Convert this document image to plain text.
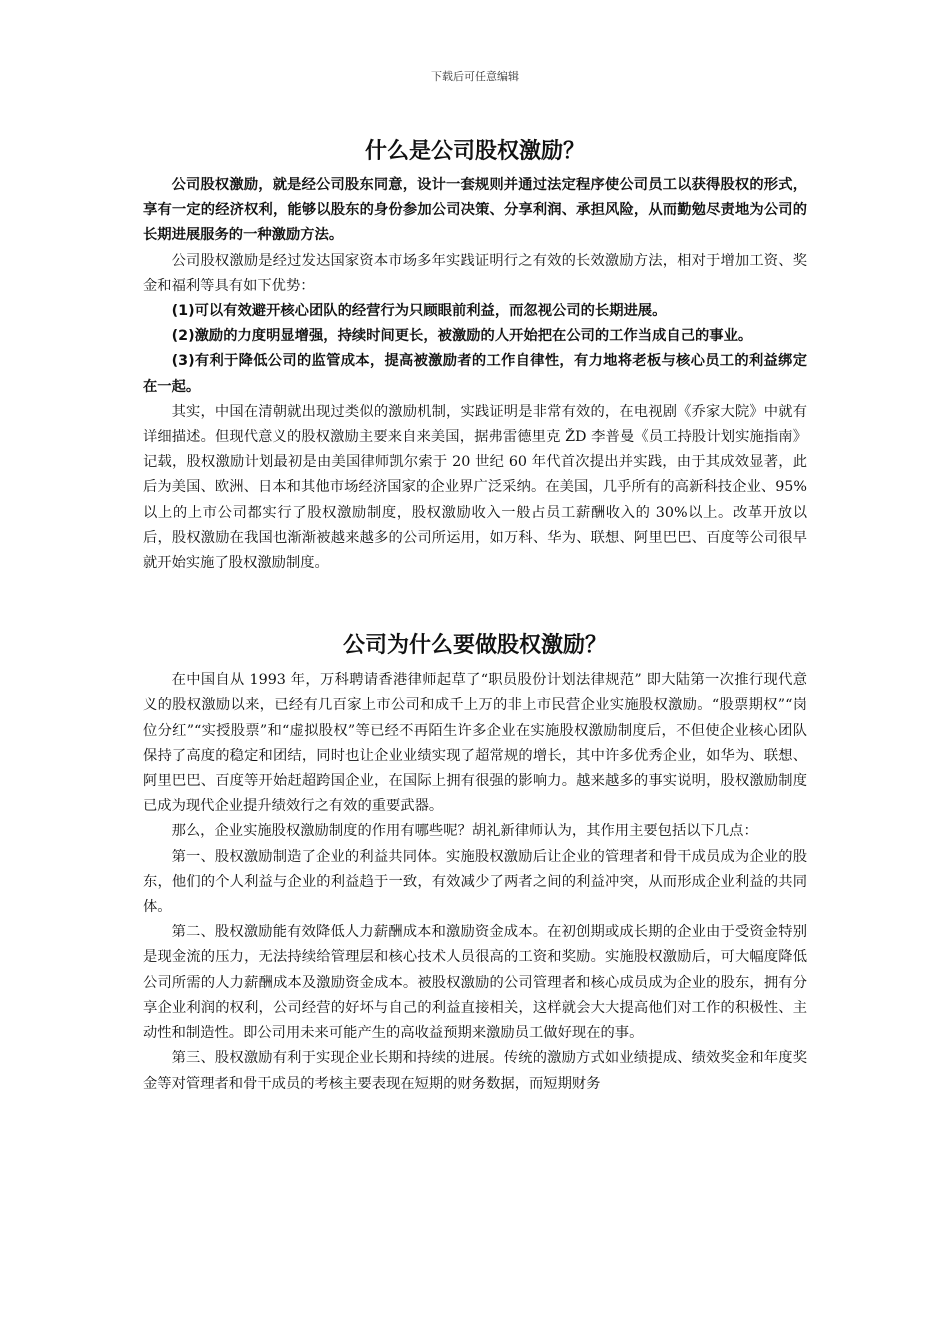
下载后可任意编辑
什么是公司股权激励？

公司股权激励，就是经公司股东同意，设计一套规则并通过法定程序使公司员工以获得股权的形式，享有一定的经济权利，能够以股东的身份参加公司决策、分享利润、承担风险，从而勤勉尽责地为公司的长期进展服务的一种激励方法。

公司股权激励是经过发达国家资本市场多年实践证明行之有效的长效激励方法，相对于增加工资、奖金和福利等具有如下优势：

(1)可以有效避开核心团队的经营行为只顾眼前利益，而忽视公司的长期进展。

(2)激励的力度明显增强，持续时间更长，被激励的人开始把在公司的工作当成自己的事业。

(3)有利于降低公司的监管成本，提高被激励者的工作自律性，有力地将老板与核心员工的利益绑定在一起。

其实，中国在清朝就出现过类似的激励机制，实践证明是非常有效的，在电视剧《乔家大院》中就有详细描述。但现代意义的股权激励主要来自来美国，据弗雷德里克 ŽD 李普曼《员工持股计划实施指南》记载，股权激励计划最初是由美国律师凯尔索于 20 世纪 60 年代首次提出并实践，由于其成效显著，此后为美国、欧洲、日本和其他市场经济国家的企业界广泛采纳。在美国，几乎所有的高新科技企业、95%以上的上市公司都实行了股权激励制度，股权激励收入一般占员工薪酬收入的 30%以上。改革开放以后，股权激励在我国也渐渐被越来越多的公司所运用，如万科、华为、联想、阿里巴巴、百度等公司很早就开始实施了股权激励制度。

公司为什么要做股权激励？

在中国自从 1993 年，万科聘请香港律师起草了“职员股份计划法律规范” 即大陆第一次推行现代意义的股权激励以来，已经有几百家上市公司和成千上万的非上市民营企业实施股权激励。“股票期权”“岗位分红”“实授股票”和“虚拟股权”等已经不再陌生许多企业在实施股权激励制度后，不但使企业核心团队保持了高度的稳定和团结，同时也让企业业绩实现了超常规的增长，其中许多优秀企业，如华为、联想、阿里巴巴、百度等开始赶超跨国企业，在国际上拥有很强的影响力。越来越多的事实说明，股权激励制度已成为现代企业提升绩效行之有效的重要武器。

那么，企业实施股权激励制度的作用有哪些呢？胡礼新律师认为，其作用主要包括以下几点：

第一、股权激励制造了企业的利益共同体。实施股权激励后让企业的管理者和骨干成员成为企业的股东，他们的个人利益与企业的利益趋于一致，有效减少了两者之间的利益冲突，从而形成企业利益的共同体。

第二、股权激励能有效降低人力薪酬成本和激励资金成本。在初创期或成长期的企业由于受资金特别是现金流的压力，无法持续给管理层和核心技术人员很高的工资和奖励。实施股权激励后，可大幅度降低公司所需的人力薪酬成本及激励资金成本。被股权激励的公司管理者和核心成员成为企业的股东，拥有分享企业利润的权利，公司经营的好坏与自己的利益直接相关，这样就会大大提高他们对工作的积极性、主动性和制造性。即公司用未来可能产生的高收益预期来激励员工做好现在的事。

第三、股权激励有利于实现企业长期和持续的进展。传统的激励方式如业绩提成、绩效奖金和年度奖金等对管理者和骨干成员的考核主要表现在短期的财务数据，而短期财务
